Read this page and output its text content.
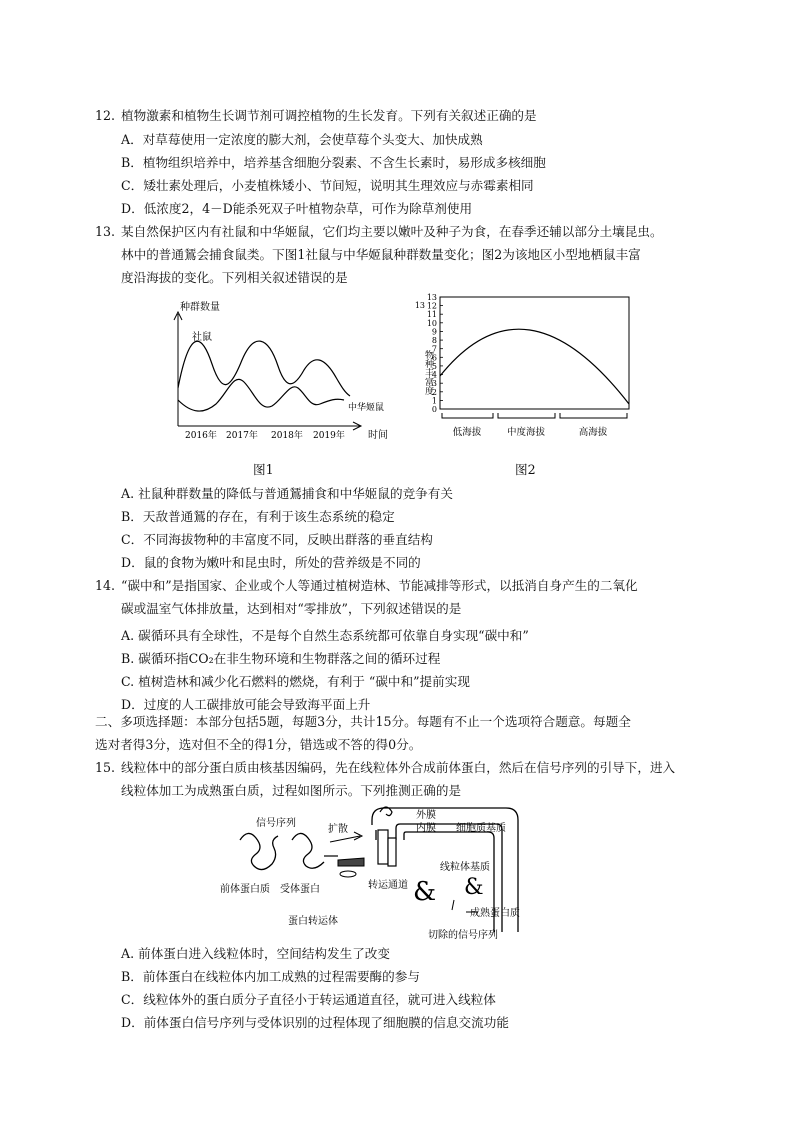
12. 植物激素和植物生长调节剂可调控植物的生长发育。下列有关叙述正确的是
A．对草莓使用一定浓度的膨大剂，会使草莓个头变大、加快成熟
B．植物组织培养中，培养基含细胞分裂素、不含生长素时，易形成多核细胞
C．矮壮素处理后，小麦植株矮小、节间短，说明其生理效应与赤霉素相同
D．低浓度2，4－D能杀死双子叶植物杂草，可作为除草剂使用
13. 某自然保护区内有社鼠和中华姬鼠，它们均主要以嫩叶及种子为食，在春季还辅以部分土壤昆虫。
林中的普通鵟会捕食鼠类。下图1社鼠与中华姬鼠种群数量变化；图2为该地区小型地栖鼠丰富
度沿海拔的变化。下列相关叙述错误的是
种群数量
社鼠
中华姬鼠
2016年 2017年 2018年 2019年 时间
图1
13
13
12
11
10
9
8
7
6
5
4
3
2
1
0
物种丰富度
低海拔	中度海拔	高海拔
图2
A. 社鼠种群数量的降低与普通鵟捕食和中华姬鼠的竞争有关
B．天敌普通鵟的存在，有利于该生态系统的稳定
C．不同海拔物种的丰富度不同，反映出群落的垂直结构
D．鼠的食物为嫩叶和昆虫时，所处的营养级是不同的
14. “碳中和”是指国家、企业或个人等通过植树造林、节能减排等形式，以抵消自身产生的二氧化
碳或温室气体排放量，达到相对“零排放”，下列叙述错误的是
A. 碳循环具有全球性，不是每个自然生态系统都可依靠自身实现“碳中和”
B. 碳循环指CO₂在非生物环境和生物群落之间的循环过程
C. 植树造林和减少化石燃料的燃烧，有利于 “碳中和”提前实现
D．过度的人工碳排放可能会导致海平面上升
二、多项选择题：本部分包括5题，每题3分，共计15分。每题有不止一个选项符合题意。每题全
选对者得3分，选对但不全的得1分，错选或不答的得0分。
15. 线粒体中的部分蛋白质由核基因编码，先在线粒体外合成前体蛋白，然后在信号序列的引导下，进入
线粒体加工为成熟蛋白质，过程如图所示。下列推测正确的是
& &
信号序列
扩散
外膜
内膜 细胞质基质
前体蛋白质 受体蛋白	转运通道
线粒体基质
蛋白转运体
成熟蛋白质
切除的信号序列
A. 前体蛋白进入线粒体时，空间结构发生了改变
B．前体蛋白在线粒体内加工成熟的过程需要酶的参与
C．线粒体外的蛋白质分子直径小于转运通道直径，就可进入线粒体
D．前体蛋白信号序列与受体识别的过程体现了细胞膜的信息交流功能
